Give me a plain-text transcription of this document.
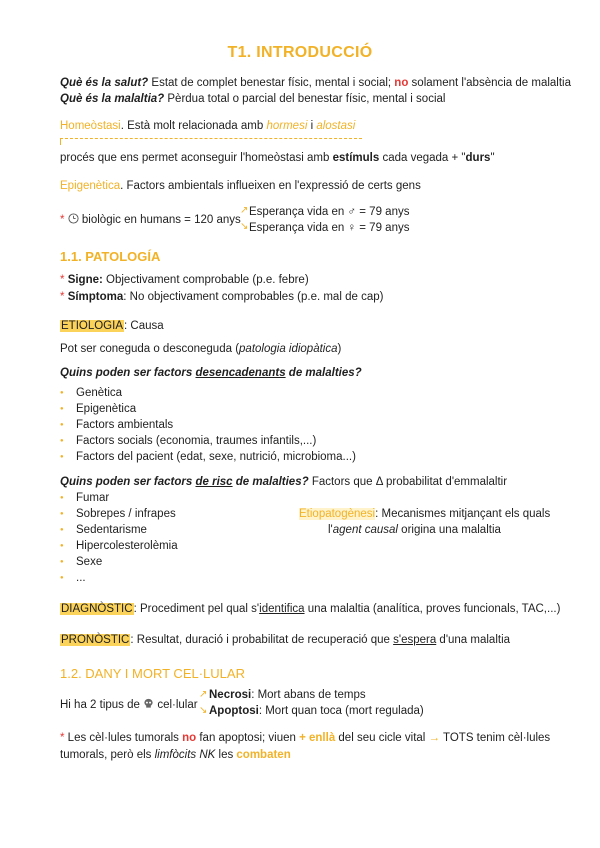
T1. INTRODUCCIÓ
Què és la salut? Estat de complet benestar físic, mental i social; no solament l'absència de malaltia
Què és la malaltia? Pèrdua total o parcial del benestar físic, mental i social
Homeòstasi. Està molt relacionada amb hormesi i alostasi
procés que ens permet aconseguir l'homeòstasi amb estímuls cada vegada + "durs"
Epigenètica. Factors ambientals influeixen en l'expressió de certs gens
*  biològic en humans = 120 anys
↗
↘
Esperança vida en ♂ = 79 anys
Esperança vida en ♀ = 79 anys
1.1. PATOLOGÍA
* Signe: Objectivament comprobable (p.e. febre)
* Símptoma: No objectivament comprobables (p.e. mal de cap)
ETIOLOGIA: Causa
Pot ser coneguda o desconeguda (patologia idiopàtica)
Quins poden ser factors desencadenants de malalties?
● Genètica
● Epigenètica
● Factors ambientals
● Factors socials (economia, traumes infantils,...)
● Factors del pacient (edat, sexe, nutrició, microbioma...)
Quins poden ser factors de risc de malalties? Factors que Δ probabilitat d'emmalaltir
● Fumar
● Sobrepes / infrapes
● Sedentarisme
● Hipercolesterolèmia
● Sexe
● ...
Etiopatogènesi: Mecanismes mitjançant els quals
l'agent causal origina una malaltia
DIAGNÒSTIC: Procediment pel qual s'identifica una malaltia (analítica, proves funcionals, TAC,...)
PRONÒSTIC: Resultat, duració i probabilitat de recuperació que s'espera d'una malaltia
1.2. DANY I MORT CEL·LULAR
Hi ha 2 tipus de  cel·lular
↗
↘
Necrosi: Mort abans de temps
Apoptosi: Mort quan toca (mort regulada)
* Les cèl·lules tumorals no fan apoptosi; viuen + enllà del seu cicle vital → TOTS tenim cèl·lules
tumorals, però els limfòcits NK les combaten
